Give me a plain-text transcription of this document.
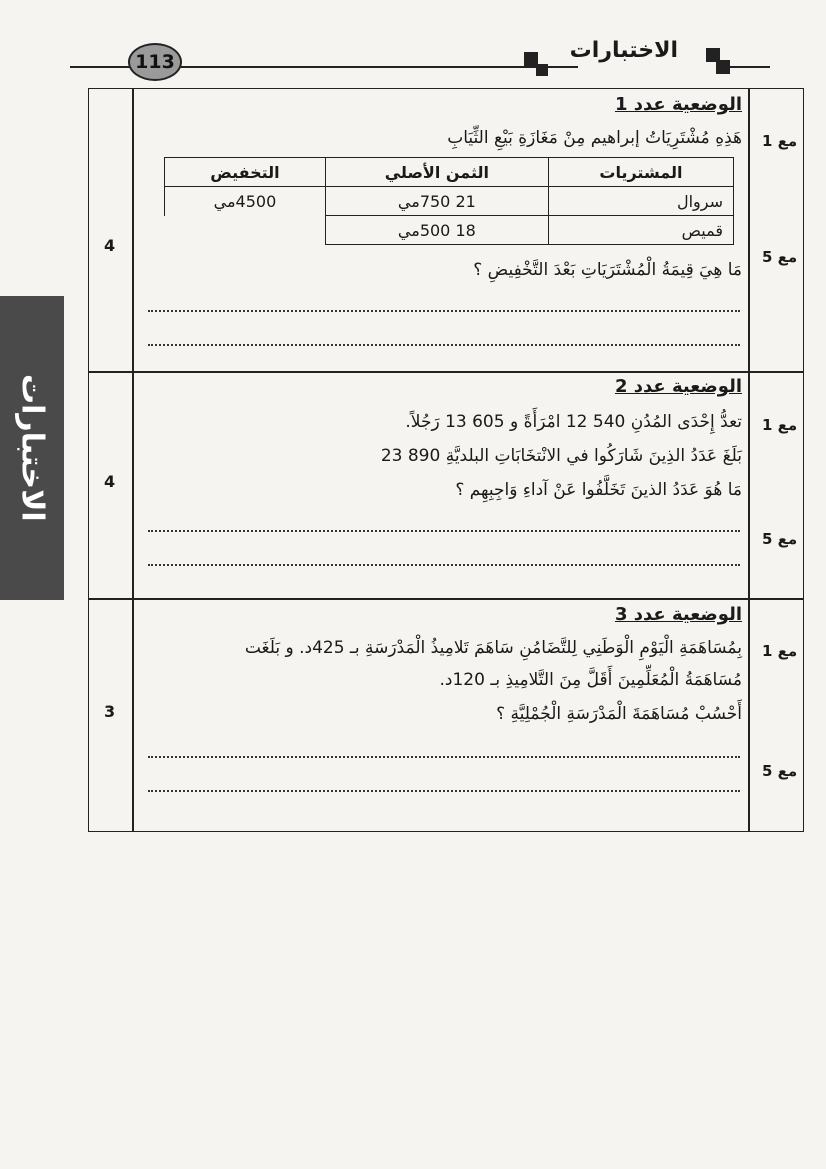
113	الاختبارات
الاختبارات
4
مع 1
مع 5
الوضعية عدد 1
هَذِهِ مُشْتَرِيَاتُ إبراهيم مِنْ مَغَازَةِ بَيْعِ الثِّيَابِ
المشتريات	الثمن الأصلي	التخفيض
سروال	21 750مي	4500مي
قميص	18 500مي	
مَا هِيَ قِيمَةُ الْمُشْتَرَيَاتِ بَعْدَ التَّخْفِيضِ ؟
4
مع 1
مع 5
الوضعية عدد 2
تعدُّ إِحْدَى المُدُنِ 540 12 امْرَأَةً و 605 13 رَجُلاً.
بَلَغَ عَدَدُ الذِينَ شَارَكُوا في الانْتخَابَاتِ البلديَّةِ 890 23
مَا هُوَ عَدَدُ الذينَ تَخَلَّفُوا عَنْ آداءِ وَاجِبِهِم ؟
3
مع 1
مع 5
الوضعية عدد 3
بِمُسَاهَمَةِ الْيَوْمِ الْوَطَنِي لِلتَّضَامُنِ سَاهَمَ تَلامِيذُ الْمَدْرَسَةِ بـ 425د. و بَلَغَت
مُسَاهَمَةُ الْمُعَلِّمِينَ أَقَلَّ مِنَ التَّلامِيذِ بـ 120د.
أَحْسُبْ مُسَاهَمَةَ الْمَدْرَسَةِ الْجُمْلِيَّةِ ؟
